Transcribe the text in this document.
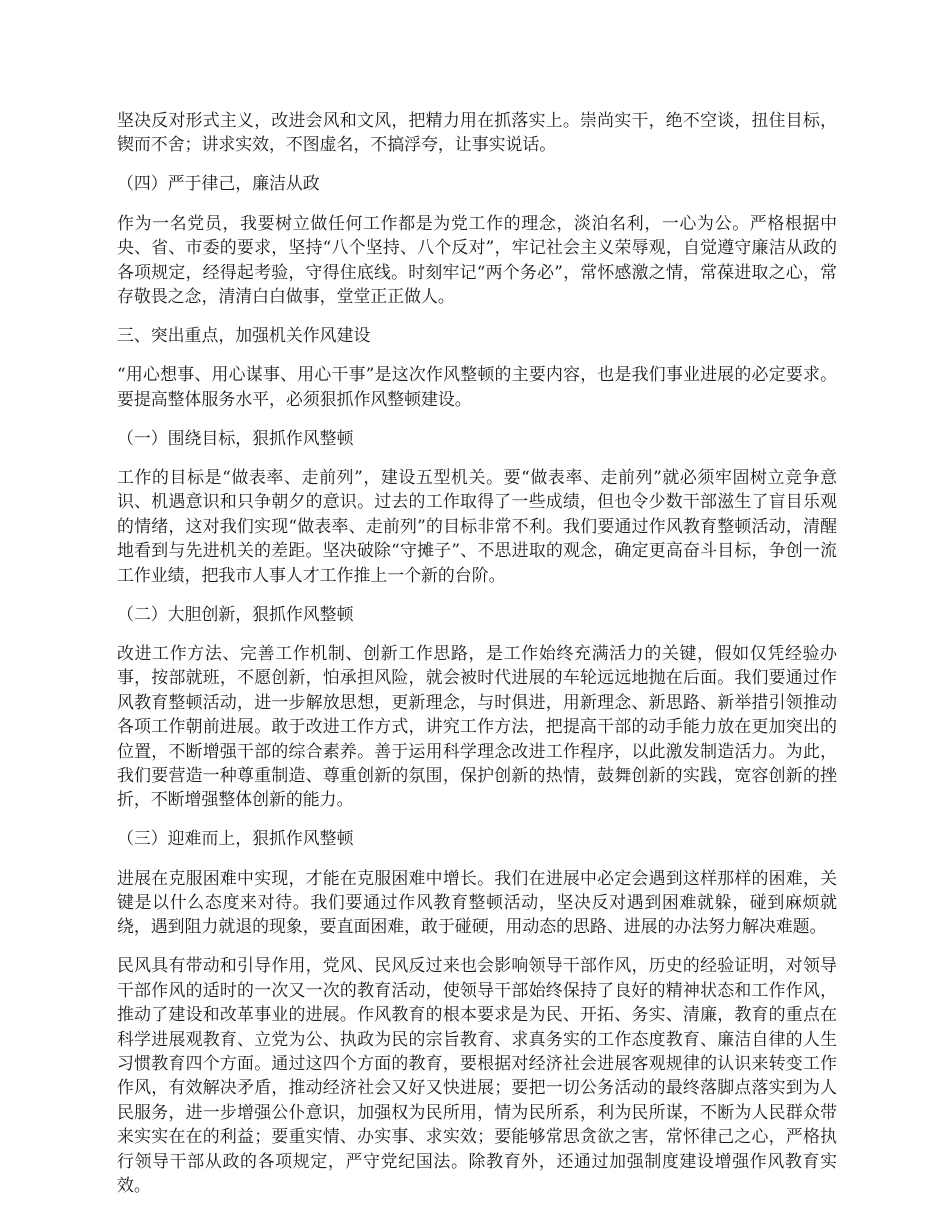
坚决反对形式主义，改进会风和文风，把精力用在抓落实上。崇尚实干，绝不空谈，扭住目标，锲而不舍；讲求实效，不图虚名，不搞浮夸，让事实说话。

（四）严于律己，廉洁从政

作为一名党员，我要树立做任何工作都是为党工作的理念，淡泊名利，一心为公。严格根据中央、省、市委的要求，坚持“八个坚持、八个反对”，牢记社会主义荣辱观，自觉遵守廉洁从政的各项规定，经得起考验，守得住底线。时刻牢记“两个务必”，常怀感激之情，常葆进取之心，常存敬畏之念，清清白白做事，堂堂正正做人。

三、突出重点，加强机关作风建设

“用心想事、用心谋事、用心干事”是这次作风整顿的主要内容，也是我们事业进展的必定要求。要提高整体服务水平，必须狠抓作风整顿建设。

（一）围绕目标，狠抓作风整顿

工作的目标是“做表率、走前列”，建设五型机关。要“做表率、走前列”就必须牢固树立竞争意识、机遇意识和只争朝夕的意识。过去的工作取得了一些成绩，但也令少数干部滋生了盲目乐观的情绪，这对我们实现“做表率、走前列”的目标非常不利。我们要通过作风教育整顿活动，清醒地看到与先进机关的差距。坚决破除“守摊子”、不思进取的观念，确定更高奋斗目标，争创一流工作业绩，把我市人事人才工作推上一个新的台阶。

（二）大胆创新，狠抓作风整顿

改进工作方法、完善工作机制、创新工作思路，是工作始终充满活力的关键，假如仅凭经验办事，按部就班，不愿创新，怕承担风险，就会被时代进展的车轮远远地抛在后面。我们要通过作风教育整顿活动，进一步解放思想，更新理念，与时俱进，用新理念、新思路、新举措引领推动各项工作朝前进展。敢于改进工作方式，讲究工作方法，把提高干部的动手能力放在更加突出的位置，不断增强干部的综合素养。善于运用科学理念改进工作程序，以此激发制造活力。为此，我们要营造一种尊重制造、尊重创新的氛围，保护创新的热情，鼓舞创新的实践，宽容创新的挫折，不断增强整体创新的能力。

（三）迎难而上，狠抓作风整顿

进展在克服困难中实现，才能在克服困难中增长。我们在进展中必定会遇到这样那样的困难，关键是以什么态度来对待。我们要通过作风教育整顿活动，坚决反对遇到困难就躲，碰到麻烦就绕，遇到阻力就退的现象，要直面困难，敢于碰硬，用动态的思路、进展的办法努力解决难题。

民风具有带动和引导作用，党风、民风反过来也会影响领导干部作风，历史的经验证明，对领导干部作风的适时的一次又一次的教育活动，使领导干部始终保持了良好的精神状态和工作作风，推动了建设和改革事业的进展。作风教育的根本要求是为民、开拓、务实、清廉，教育的重点在科学进展观教育、立党为公、执政为民的宗旨教育、求真务实的工作态度教育、廉洁自律的人生习惯教育四个方面。通过这四个方面的教育，要根据对经济社会进展客观规律的认识来转变工作作风，有效解决矛盾，推动经济社会又好又快进展；要把一切公务活动的最终落脚点落实到为人民服务，进一步增强公仆意识，加强权为民所用，情为民所系，利为民所谋，不断为人民群众带来实实在在的利益；要重实情、办实事、求实效；要能够常思贪欲之害，常怀律己之心，严格执行领导干部从政的各项规定，严守党纪国法。除教育外，还通过加强制度建设增强作风教育实效。
